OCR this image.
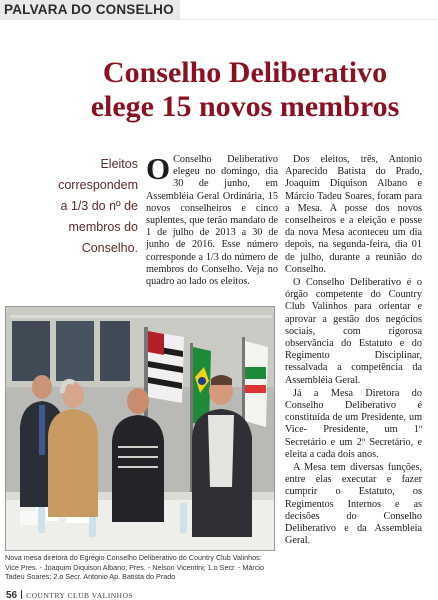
PALVARA DO CONSELHO
Conselho Deliberativo
elege 15 novos membros
Eleitos
correspondem
a 1/3 do nº de
membros do
Conselho.

O Conselho Deliberativo elegeu no domingo, dia 30 de junho, em Assembléia Geral Ordinária, 15 novos conselheiros e cinco suplentes, que terão mandato de 1 de julho de 2013 a 30 de junho de 2016. Esse número corresponde a 1/3 do número de membros do Conselho. Veja no quadro ao lado os eleitos.

Dos eleitos, três, Antonio Aparecido Batista do Prado, Joaquim Diquison Albano e Márcio Tadeu Soares, foram para a Mesa. A posse dos novos conselheiros e a eleição e posse da nova Mesa aconteceu um dia depois, na segunda-feira, dia 01 de julho, durante a reunião do Conselho.

O Conselho Deliberativo é o órgão competente do Country Club Valinhos para orientar e aprovar a gestão dos negócios sociais, com rigorosa observância do Estatuto e do Regimento Disciplinar, ressalvada a competência da Assembléia Geral.

Já a Mesa Diretora do Conselho Deliberativo é constituída de um Presidente, um Vice- Presidente, um 1º Secretário e um 2º Secretário, e eleita a cada dois anos.

A Mesa tem diversas funções, entre elas executar e fazer cumprir o Estatuto, os Regimentos Internos e as decisões do Conselho Deliberativo e da Assembleia Geral.

Nova mesa diretora do Egrégio Conselho Deliberativo do Country Club Valinhos: Vice Pres. - Joaquim Diquison Albano; Pres. - Nelson Vicentini; 1.o Secr. - Márcio Tadeu Soares; 2.o Secr. Antonio Ap. Batista do Prado
56 COUNTRY CLUB VALINHOS
